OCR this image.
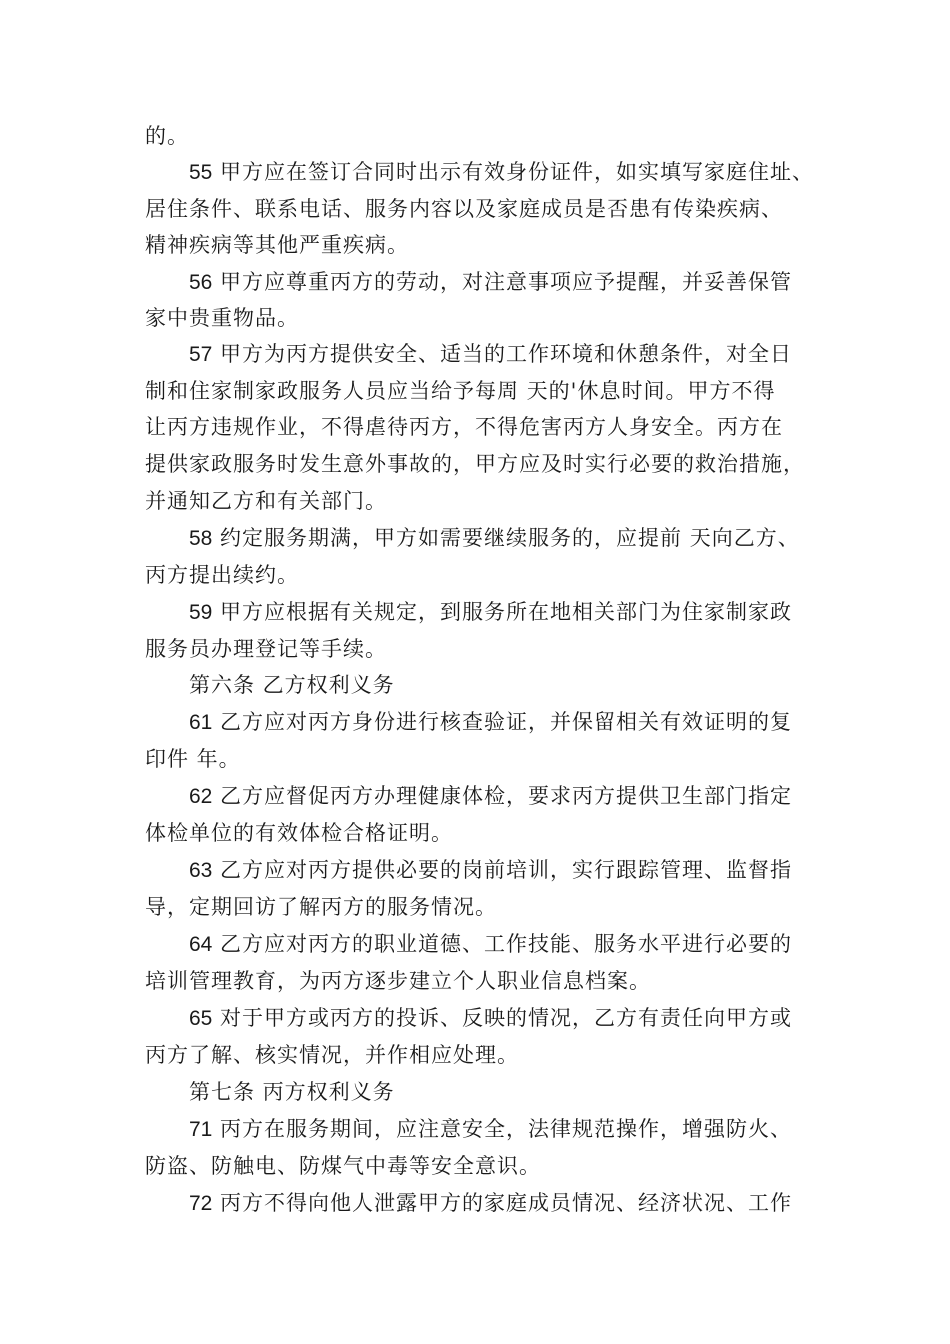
的。
55 甲方应在签订合同时出示有效身份证件，如实填写家庭住址、
居住条件、联系电话、服务内容以及家庭成员是否患有传染疾病、
精神疾病等其他严重疾病。
56 甲方应尊重丙方的劳动，对注意事项应予提醒，并妥善保管
家中贵重物品。
57 甲方为丙方提供安全、适当的工作环境和休憩条件，对全日
制和住家制家政服务人员应当给予每周 天的'休息时间。甲方不得
让丙方违规作业，不得虐待丙方，不得危害丙方人身安全。丙方在
提供家政服务时发生意外事故的，甲方应及时实行必要的救治措施，
并通知乙方和有关部门。
58 约定服务期满，甲方如需要继续服务的，应提前 天向乙方、
丙方提出续约。
59 甲方应根据有关规定，到服务所在地相关部门为住家制家政
服务员办理登记等手续。
第六条 乙方权利义务
61 乙方应对丙方身份进行核查验证，并保留相关有效证明的复
印件 年。
62 乙方应督促丙方办理健康体检，要求丙方提供卫生部门指定
体检单位的有效体检合格证明。
63 乙方应对丙方提供必要的岗前培训，实行跟踪管理、监督指
导，定期回访了解丙方的服务情况。
64 乙方应对丙方的职业道德、工作技能、服务水平进行必要的
培训管理教育，为丙方逐步建立个人职业信息档案。
65 对于甲方或丙方的投诉、反映的情况，乙方有责任向甲方或
丙方了解、核实情况，并作相应处理。
第七条 丙方权利义务
71 丙方在服务期间，应注意安全，法律规范操作，增强防火、
防盗、防触电、防煤气中毒等安全意识。
72 丙方不得向他人泄露甲方的家庭成员情况、经济状况、工作
